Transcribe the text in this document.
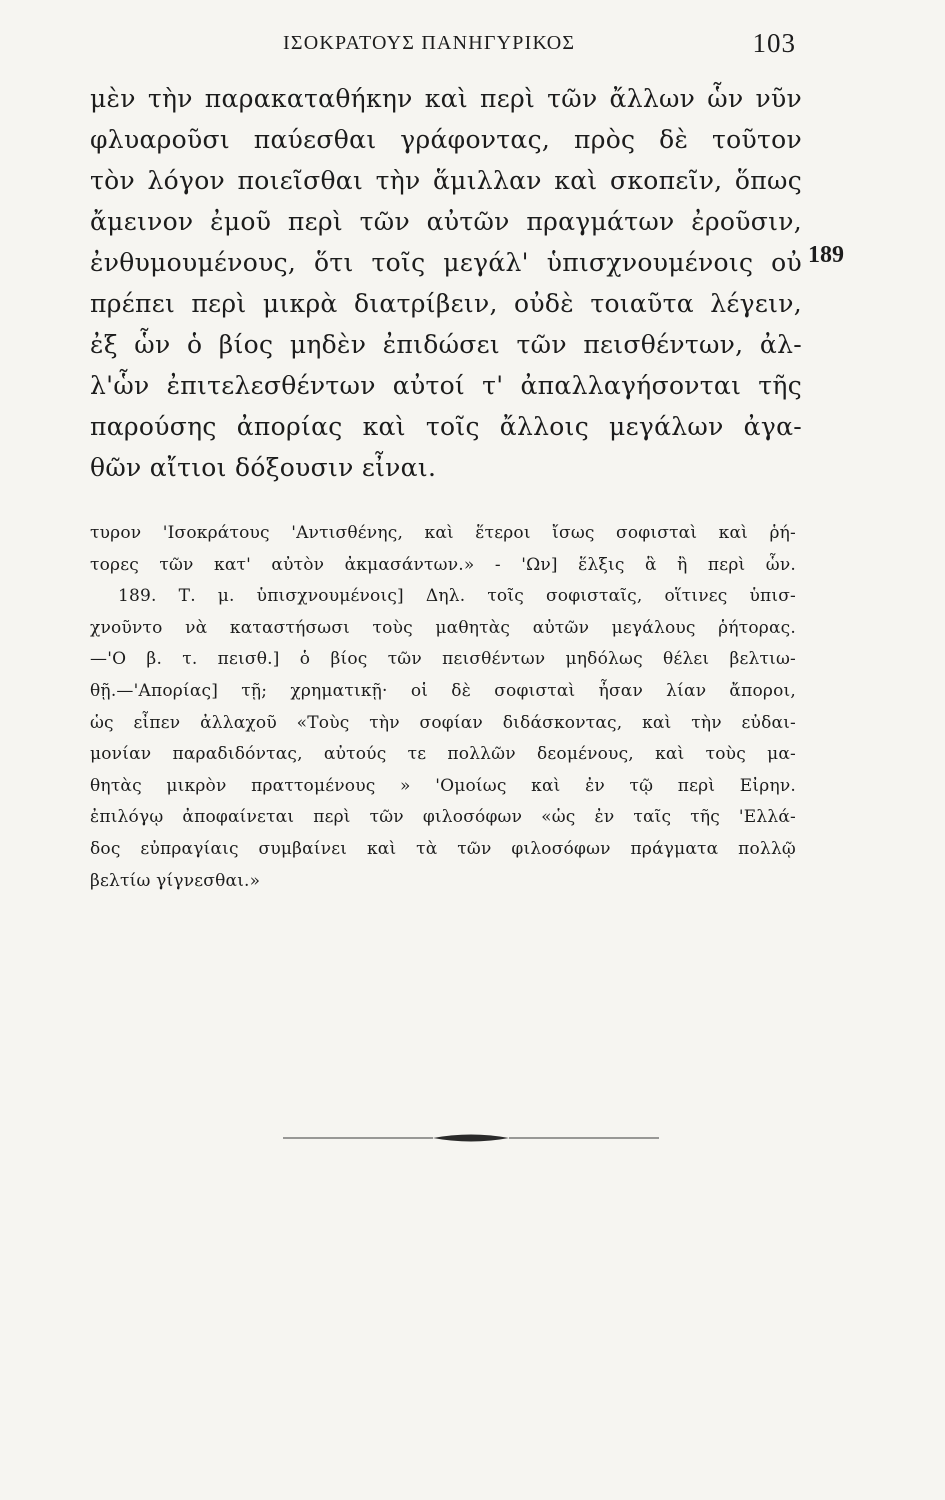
ΙΣΟΚΡΑΤΟΥΣ ΠΑΝΗΓΥΡΙΚΟΣ	103
μὲν τὴν παρακαταθήκην καὶ περὶ τῶν ἄλλων ὧν νῦν
φλυαροῦσι παύεσθαι γράφοντας, πρὸς δὲ τοῦτον
τὸν λόγον ποιεῖσθαι τὴν ἅμιλλαν καὶ σκοπεῖν, ὅπως
ἄμεινον ἐμοῦ περὶ τῶν αὐτῶν πραγμάτων ἐροῦσιν,
ἐνθυμουμένους, ὅτι τοῖς μεγάλ' ὑπισχνουμένοις οὐ
πρέπει περὶ μικρὰ διατρίβειν, οὐδὲ τοιαῦτα λέγειν,
ἐξ ὧν ὁ βίος μηδὲν ἐπιδώσει τῶν πεισθέντων, ἀλ-
λ'ὧν ἐπιτελεσθέντων αὐτοί τ' ἀπαλλαγήσονται τῆς
παρούσης ἀπορίας καὶ τοῖς ἄλλοις μεγάλων ἀγα-
θῶν αἴτιοι δόξουσιν εἶναι.
189
τυρον 'Ισοκράτους 'Αντισθένης, καὶ ἕτεροι ἴσως σοφισταὶ καὶ ῥή-
τορες τῶν κατ' αὐτὸν ἀκμασάντων.» - 'Ων] ἕλξις ἃ ἢ περὶ ὧν.
189. Τ. μ. ὑπισχνουμένοις] Δηλ. τοῖς σοφισταῖς, οἵτινες ὑπισ-
χνοῦντο νὰ καταστήσωσι τοὺς μαθητὰς αὐτῶν μεγάλους ῥήτορας.
—'Ο β. τ. πεισθ.] ὁ βίος τῶν πεισθέντων μηδόλως θέλει βελτιω-
θῇ.—'Απορίας] τῇ; χρηματικῇ· οἱ δὲ σοφισταὶ ἦσαν λίαν ἄποροι,
ὡς εἶπεν ἀλλαχοῦ «Τοὺς τὴν σοφίαν διδάσκοντας, καὶ τὴν εὐδαι-
μονίαν παραδιδόντας, αὐτούς τε πολλῶν δεομένους, καὶ τοὺς μα-
θητὰς μικρὸν πραττομένους » 'Ομοίως καὶ ἐν τῷ περὶ Εἰρην.
ἐπιλόγῳ ἀποφαίνεται περὶ τῶν φιλοσόφων «ὡς ἐν ταῖς τῆς 'Ελλά-
δος εὐπραγίαις συμβαίνει καὶ τὰ τῶν φιλοσόφων πράγματα πολλῷ
βελτίω γίγνεσθαι.»
